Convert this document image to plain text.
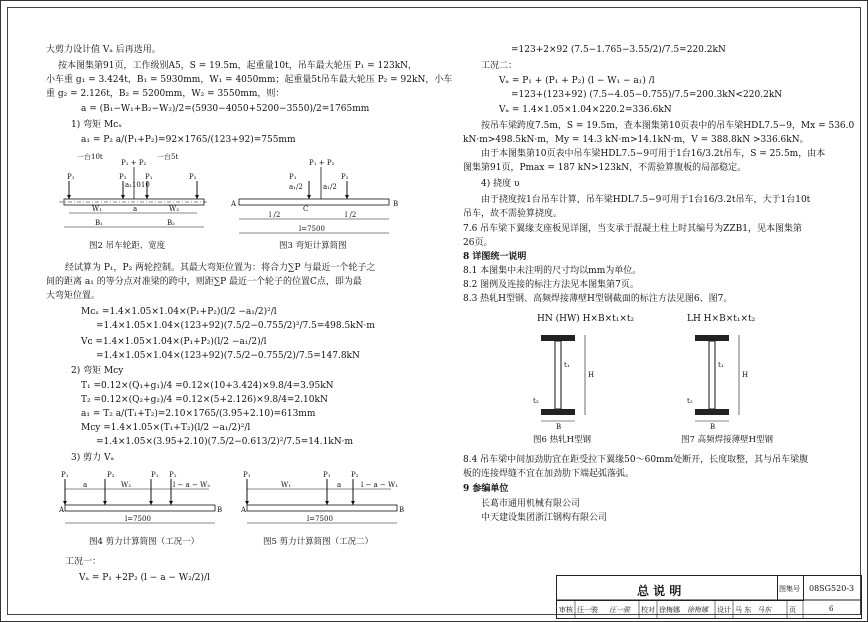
大剪力设计值 Vₐ 后再选用。
按本图集第91页，工作级别A5，S = 19.5m，起重量10t，吊车最大轮压 P₁ = 123kN，
小车重 g₁ = 3.424t，B₁ = 5930mm，W₁ = 4050mm；起重量5t吊车最大轮压 P₂ = 92kN，小车
重 g₂ = 2.126t，B₂ = 5200mm，W₂ = 3550mm，则：
a = (B₁−W₁+B₂−W₂)/2=(5930−4050+5200−3550)/2=1765mm
1) 弯矩 Mᴄₓ
a₁ = P₂ a/(P₁+P₂)=92×1765/(123+92)=755mm
一台10t	一台5t
P₁ + P₂
P₁	P₂	P₁	P₂
a₁1010
W₁	a	W₂
B₁	B₂
图2 吊车轮距、宽度
P₁ + P₂
P₁	P₂
a₁/2	a₁/2
A	B
C
l /2	l /2
l=7500
图3 弯矩计算简图
经试算为 P₁，P₂ 两轮控制。其最大弯矩位置为：将合力∑P 与最近一个轮子之
间的距离 a₁ 的等分点对准梁的跨中，则距∑P 最近一个轮子的位置C点，即为最
大弯矩位置。
Mᴄₓ =1.4×1.05×1.04×(P₁+P₂)(l/2 −a₁/2)²/l
=1.4×1.05×1.04×(123+92)(7.5/2−0.755/2)²/7.5=498.5kN·m
Vᴄ =1.4×1.05×1.04×(P₁+P₂)(l/2 −a₁/2)/l
=1.4×1.05×1.04×(123+92)(7.5/2−0.755/2)/7.5=147.8kN
2) 弯矩 Mᴄy
T₁ =0.12×(Q₁+g₁)/4 =0.12×(10+3.424)×9.8/4=3.95kN
T₂ =0.12×(Q₂+g₂)/4 =0.12×(5+2.126)×9.8/4=2.10kN
a₁ = T₂ a/(T₁+T₂)=2.10×1765/(3.95+2.10)=613mm
Mᴄy =1.4×1.05×(T₁+T₂)(l/2 −a₁/2)²/l
=1.4×1.05×(3.95+2.10)(7.5/2−0.613/2)²/7.5=14.1kN·m
3) 剪力 Vₐ
P₁	P₂	P₁ P₂
a	W₂	l − a − W₂
A	B
l=7500
图4 剪力计算简图（工况一）
P₁	P₁	P₂
W₁	a	l − a − W₁
A	B
l=7500
图5 剪力计算简图（工况二）
工况一：
Vₐ = P₁ +2P₂ (l − a − W₂/2)/l
=123+2×92 (7.5−1.765−3.55/2)/7.5=220.2kN
工况二：
Vₐ = P₁ + (P₁ + P₂) (l − W₁ − a₁) /l
=123+(123+92) (7.5−4.05−0.755)/7.5=200.3kN<220.2kN
Vₐ = 1.4×1.05×1.04×220.2=336.6kN
按吊车梁跨度7.5m，S = 19.5m，查本图集第10页表中的吊车梁HDL7.5−9，Mx = 536.0
kN·m>498.5kN·m，My = 14.3 kN·m>14.1kN·m，V = 388.8kN >336.6kN。
由于本图集第10页表中吊车梁HDL7.5−9可用于1台16/3.2t吊车，S = 25.5m，由本
图集第91页，Pmax = 187 kN>123kN，不需验算腹板的局部稳定。
4) 挠度 υ
由于挠度按1台吊车计算，吊车梁HDL7.5−9可用于1台16/3.2t吊车，大于1台10t
吊车，故不需验算挠度。
7.6 吊车梁下翼缘支座板见详图，当支承于混凝土柱上时其编号为ZZB1，见本图集第
26页。
8 详图统一说明
8.1 本图集中未注明的尺寸均以mm为单位。
8.2 图例及连接的标注方法见本图集第7页。
8.3 热轧H型钢、高频焊接薄壁H型钢截面的标注方法见图6、图7。
HN (HW) H×B×t₁×t₂
H
t₁
t₂
B
图6 热轧H型钢
LH H×B×t₁×t₂
H
t₁
t₂
B
图7 高频焊接薄壁H型钢
8.4 吊车梁中间加劲肋宜在距受拉下翼缘50～60mm处断开，长度取整，其与吊车梁腹
板的连接焊缝不宜在加劲肋下端起弧落弧。
9 参编单位
长葛市通用机械有限公司
中天建设集团浙江钢构有限公司
总 说 明	图集号 08SG520-3
审核 汪一骏 汪一骏 校对 徐梅娜 徐梅娜 设计 马 东 马东	页	6
